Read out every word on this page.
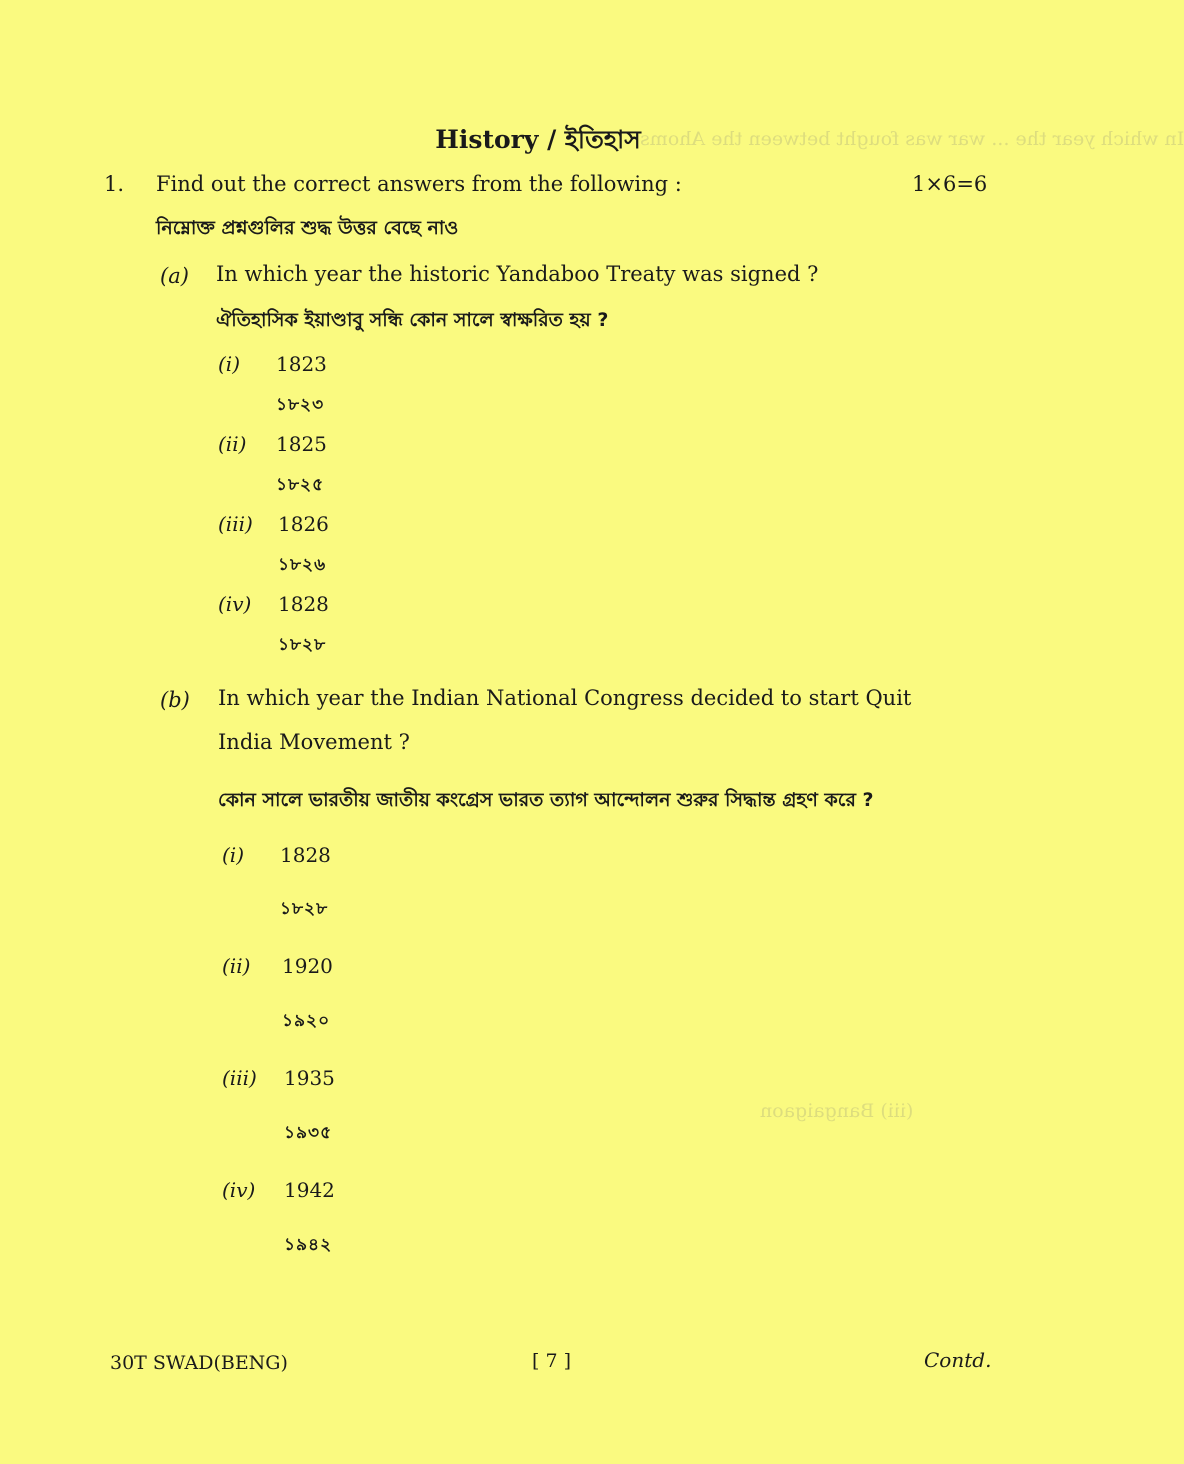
In which year the ... war was fought between the Ahoms
(iii) Bangaigaon
History / ইতিহাস
1. Find out the correct answers from the following :	1×6=6
নিম্নোক্ত প্রশ্নগুলির শুদ্ধ উত্তর বেছে নাও
(a) In which year the historic Yandaboo Treaty was signed ?
ঐতিহাসিক ইয়াণ্ডাবু সন্ধি কোন সালে স্বাক্ষরিত হয় ?
(i) 1823
১৮২৩
(ii) 1825
১৮২৫
(iii) 1826
১৮২৬
(iv) 1828
১৮২৮
(b) In which year the Indian National Congress decided to start Quit
India Movement ?
কোন সালে ভারতীয় জাতীয় কংগ্রেস ভারত ত্যাগ আন্দোলন শুরুর সিদ্ধান্ত গ্রহণ করে ?
(i) 1828
১৮২৮
(ii) 1920
১৯২০
(iii) 1935
১৯৩৫
(iv) 1942
১৯৪২
30T SWAD(BENG)	[ 7 ]	Contd.
